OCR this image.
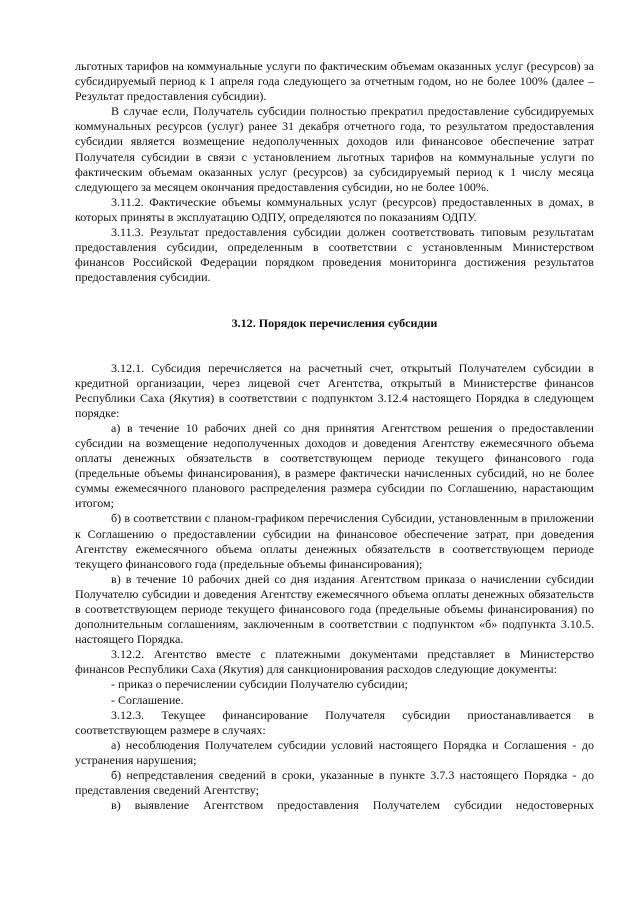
льготных тарифов на коммунальные услуги по фактическим объемам оказанных услуг (ресурсов) за субсидируемый период к 1 апреля года следующего за отчетным годом, но не более 100% (далее – Результат предоставления субсидии).

В случае если, Получатель субсидии полностью прекратил предоставление субсидируемых коммунальных ресурсов (услуг) ранее 31 декабря отчетного года, то результатом предоставления субсидии является возмещение недополученных доходов или финансовое обеспечение затрат Получателя субсидии в связи с установлением льготных тарифов на коммунальные услуги по фактическим объемам оказанных услуг (ресурсов) за субсидируемый период к 1 числу месяца следующего за месяцем окончания предоставления субсидии, но не более 100%.

3.11.2. Фактические объемы коммунальных услуг (ресурсов) предоставленных в домах, в которых приняты в эксплуатацию ОДПУ, определяются по показаниям ОДПУ.

3.11.3. Результат предоставления субсидии должен соответствовать типовым результатам предоставления субсидии, определенным в соответствии с установленным Министерством финансов Российской Федерации порядком проведения мониторинга достижения результатов предоставления субсидии.

3.12. Порядок перечисления субсидии

3.12.1. Субсидия перечисляется на расчетный счет, открытый Получателем субсидии в кредитной организации, через лицевой счет Агентства, открытый в Министерстве финансов Республики Саха (Якутия) в соответствии с подпунктом 3.12.4 настоящего Порядка в следующем порядке:

а) в течение 10 рабочих дней со дня принятия Агентством решения о предоставлении субсидии на возмещение недополученных доходов и доведения Агентству ежемесячного объема оплаты денежных обязательств в соответствующем периоде текущего финансового года (предельные объемы финансирования), в размере фактически начисленных субсидий, но не более суммы ежемесячного планового распределения размера субсидии по Соглашению, нарастающим итогом;

б) в соответствии с планом-графиком перечисления Субсидии, установленным в приложении к Соглашению о предоставлении субсидии на финансовое обеспечение затрат, при доведения Агентству ежемесячного объема оплаты денежных обязательств в соответствующем периоде текущего финансового года (предельные объемы финансирования);

в) в течение 10 рабочих дней со дня издания Агентством приказа о начислении субсидии Получателю субсидии и доведения Агентству ежемесячного объема оплаты денежных обязательств в соответствующем периоде текущего финансового года (предельные объемы финансирования) по дополнительным соглашениям, заключенным в соответствии с подпунктом «б» подпункта 3.10.5. настоящего Порядка.

3.12.2. Агентство вместе с платежными документами представляет в Министерство финансов Республики Саха (Якутия) для санкционирования расходов следующие документы:

- приказ о перечислении субсидии Получателю субсидии;

- Соглашение.

3.12.3. Текущее финансирование Получателя субсидии приостанавливается в соответствующем размере в случаях:

а) несоблюдения Получателем субсидии условий настоящего Порядка и Соглашения - до устранения нарушения;

б) непредставления сведений в сроки, указанные в пункте 3.7.3 настоящего Порядка - до представления сведений Агентству;

в) выявление Агентством предоставления Получателем субсидии недостоверных
